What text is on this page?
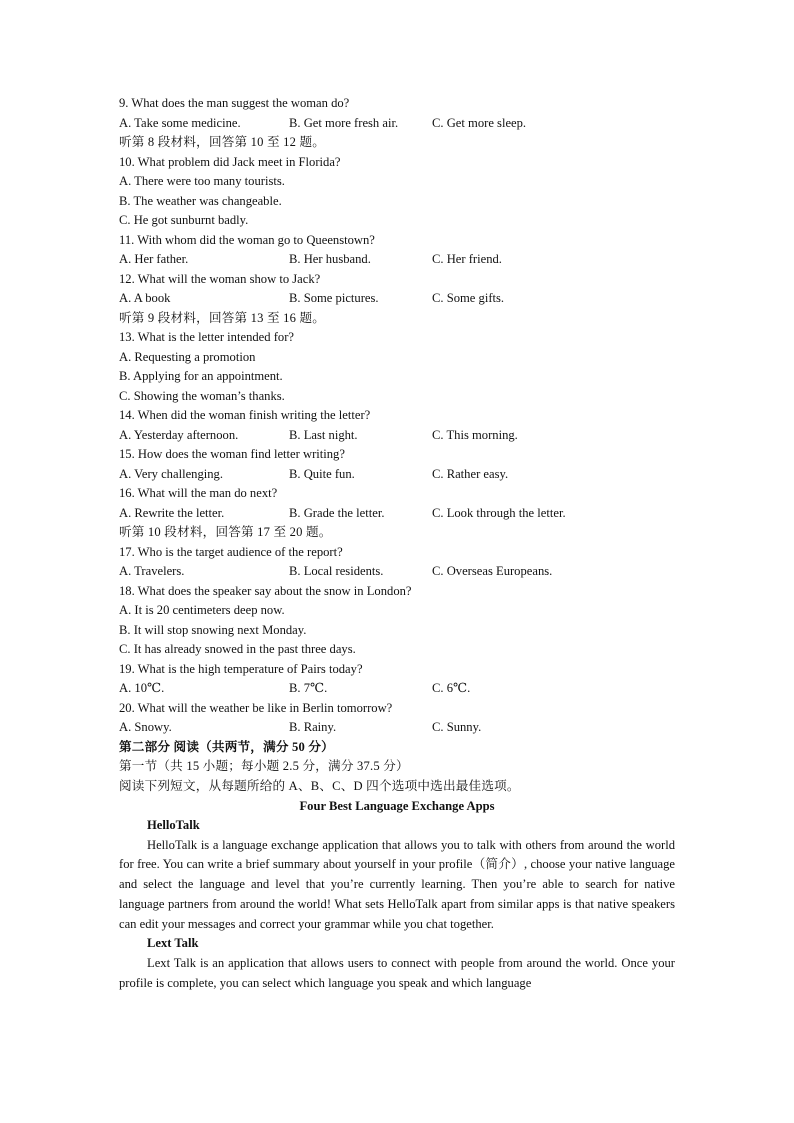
9. What does the man suggest the woman do?
A. Take some medicine.	B. Get more fresh air.	C. Get more sleep.
听第 8 段材料，回答第 10 至 12 题。
10. What problem did Jack meet in Florida?
A. There were too many tourists.
B. The weather was changeable.
C. He got sunburnt badly.
11. With whom did the woman go to Queenstown?
A. Her father.	B. Her husband.	C. Her friend.
12. What will the woman show to Jack?
A. A book	B. Some pictures.	C. Some gifts.
听第 9 段材料，回答第 13 至 16 题。
13. What is the letter intended for?
A. Requesting a promotion
B. Applying for an appointment.
C. Showing the woman’s thanks.
14. When did the woman finish writing the letter?
A. Yesterday afternoon.	B. Last night.	C. This morning.
15. How does the woman find letter writing?
A. Very challenging.	B. Quite fun.	C. Rather easy.
16. What will the man do next?
A. Rewrite the letter.	B. Grade the letter.	C. Look through the letter.
听第 10 段材料，回答第 17 至 20 题。
17. Who is the target audience of the report?
A. Travelers.	B. Local residents.	C. Overseas Europeans.
18. What does the speaker say about the snow in London?
A. It is 20 centimeters deep now.
B. It will stop snowing next Monday.
C. It has already snowed in the past three days.
19. What is the high temperature of Pairs today?
A. 10℃.	B. 7℃.	C. 6℃.
20. What will the weather be like in Berlin tomorrow?
A. Snowy.	B. Rainy.	C. Sunny.
第二部分 阅读（共两节，满分 50 分）
第一节（共 15 小题；每小题 2.5 分，满分 37.5 分）
阅读下列短文，从每题所给的 A、B、C、D 四个选项中选出最佳选项。
Four Best Language Exchange Apps
HelloTalk

HelloTalk is a language exchange application that allows you to talk with others from around the world for free. You can write a brief summary about yourself in your profile（简介）, choose your native language and select the language and level that you’re currently learning. Then you’re able to search for native language partners from around the world! What sets HelloTalk apart from similar apps is that native speakers can edit your messages and correct your grammar while you chat together.

Lext Talk

Lext Talk is an application that allows users to connect with people from around the world. Once your profile is complete, you can select which language you speak and which language
